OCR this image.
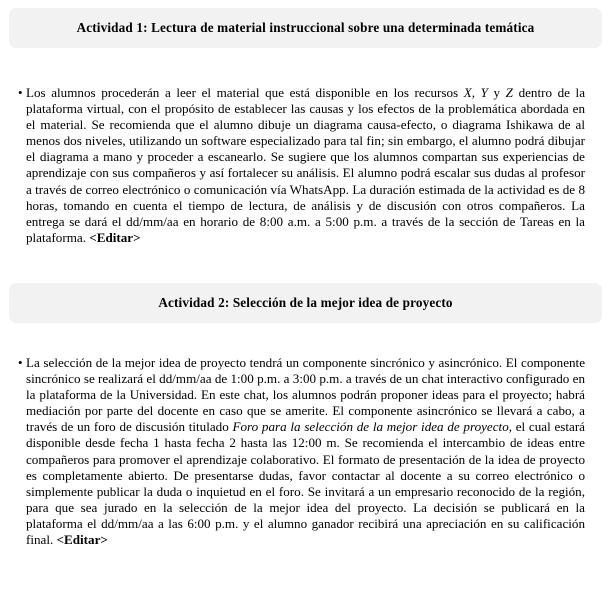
Actividad 1: Lectura de material instruccional sobre una determinada temática
• Los alumnos procederán a leer el material que está disponible en los recursos X, Y y Z dentro de la plataforma virtual, con el propósito de establecer las causas y los efectos de la problemática abordada en el material. Se recomienda que el alumno dibuje un diagrama causa-efecto, o diagrama Ishikawa de al menos dos niveles, utilizando un software especializado para tal fin; sin embargo, el alumno podrá dibujar el diagrama a mano y proceder a escanearlo. Se sugiere que los alumnos compartan sus experiencias de aprendizaje con sus compañeros y así fortalecer su análisis. El alumno podrá escalar sus dudas al profesor a través de correo electrónico o comunicación vía WhatsApp. La duración estimada de la actividad es de 8 horas, tomando en cuenta el tiempo de lectura, de análisis y de discusión con otros compañeros. La entrega se dará el dd/mm/aa en horario de 8:00 a.m. a 5:00 p.m. a través de la sección de Tareas en la plataforma. <Editar>
Actividad 2: Selección de la mejor idea de proyecto
• La selección de la mejor idea de proyecto tendrá un componente sincrónico y asincrónico. El componente sincrónico se realizará el dd/mm/aa de 1:00 p.m. a 3:00 p.m. a través de un chat interactivo configurado en la plataforma de la Universidad. En este chat, los alumnos podrán proponer ideas para el proyecto; habrá mediación por parte del docente en caso que se amerite. El componente asincrónico se llevará a cabo, a través de un foro de discusión titulado Foro para la selección de la mejor idea de proyecto, el cual estará disponible desde fecha 1 hasta fecha 2 hasta las 12:00 m. Se recomienda el intercambio de ideas entre compañeros para promover el aprendizaje colaborativo. El formato de presentación de la idea de proyecto es completamente abierto. De presentarse dudas, favor contactar al docente a su correo electrónico o simplemente publicar la duda o inquietud en el foro. Se invitará a un empresario reconocido de la región, para que sea jurado en la selección de la mejor idea del proyecto. La decisión se publicará en la plataforma el dd/mm/aa a las 6:00 p.m. y el alumno ganador recibirá una apreciación en su calificación final. <Editar>
